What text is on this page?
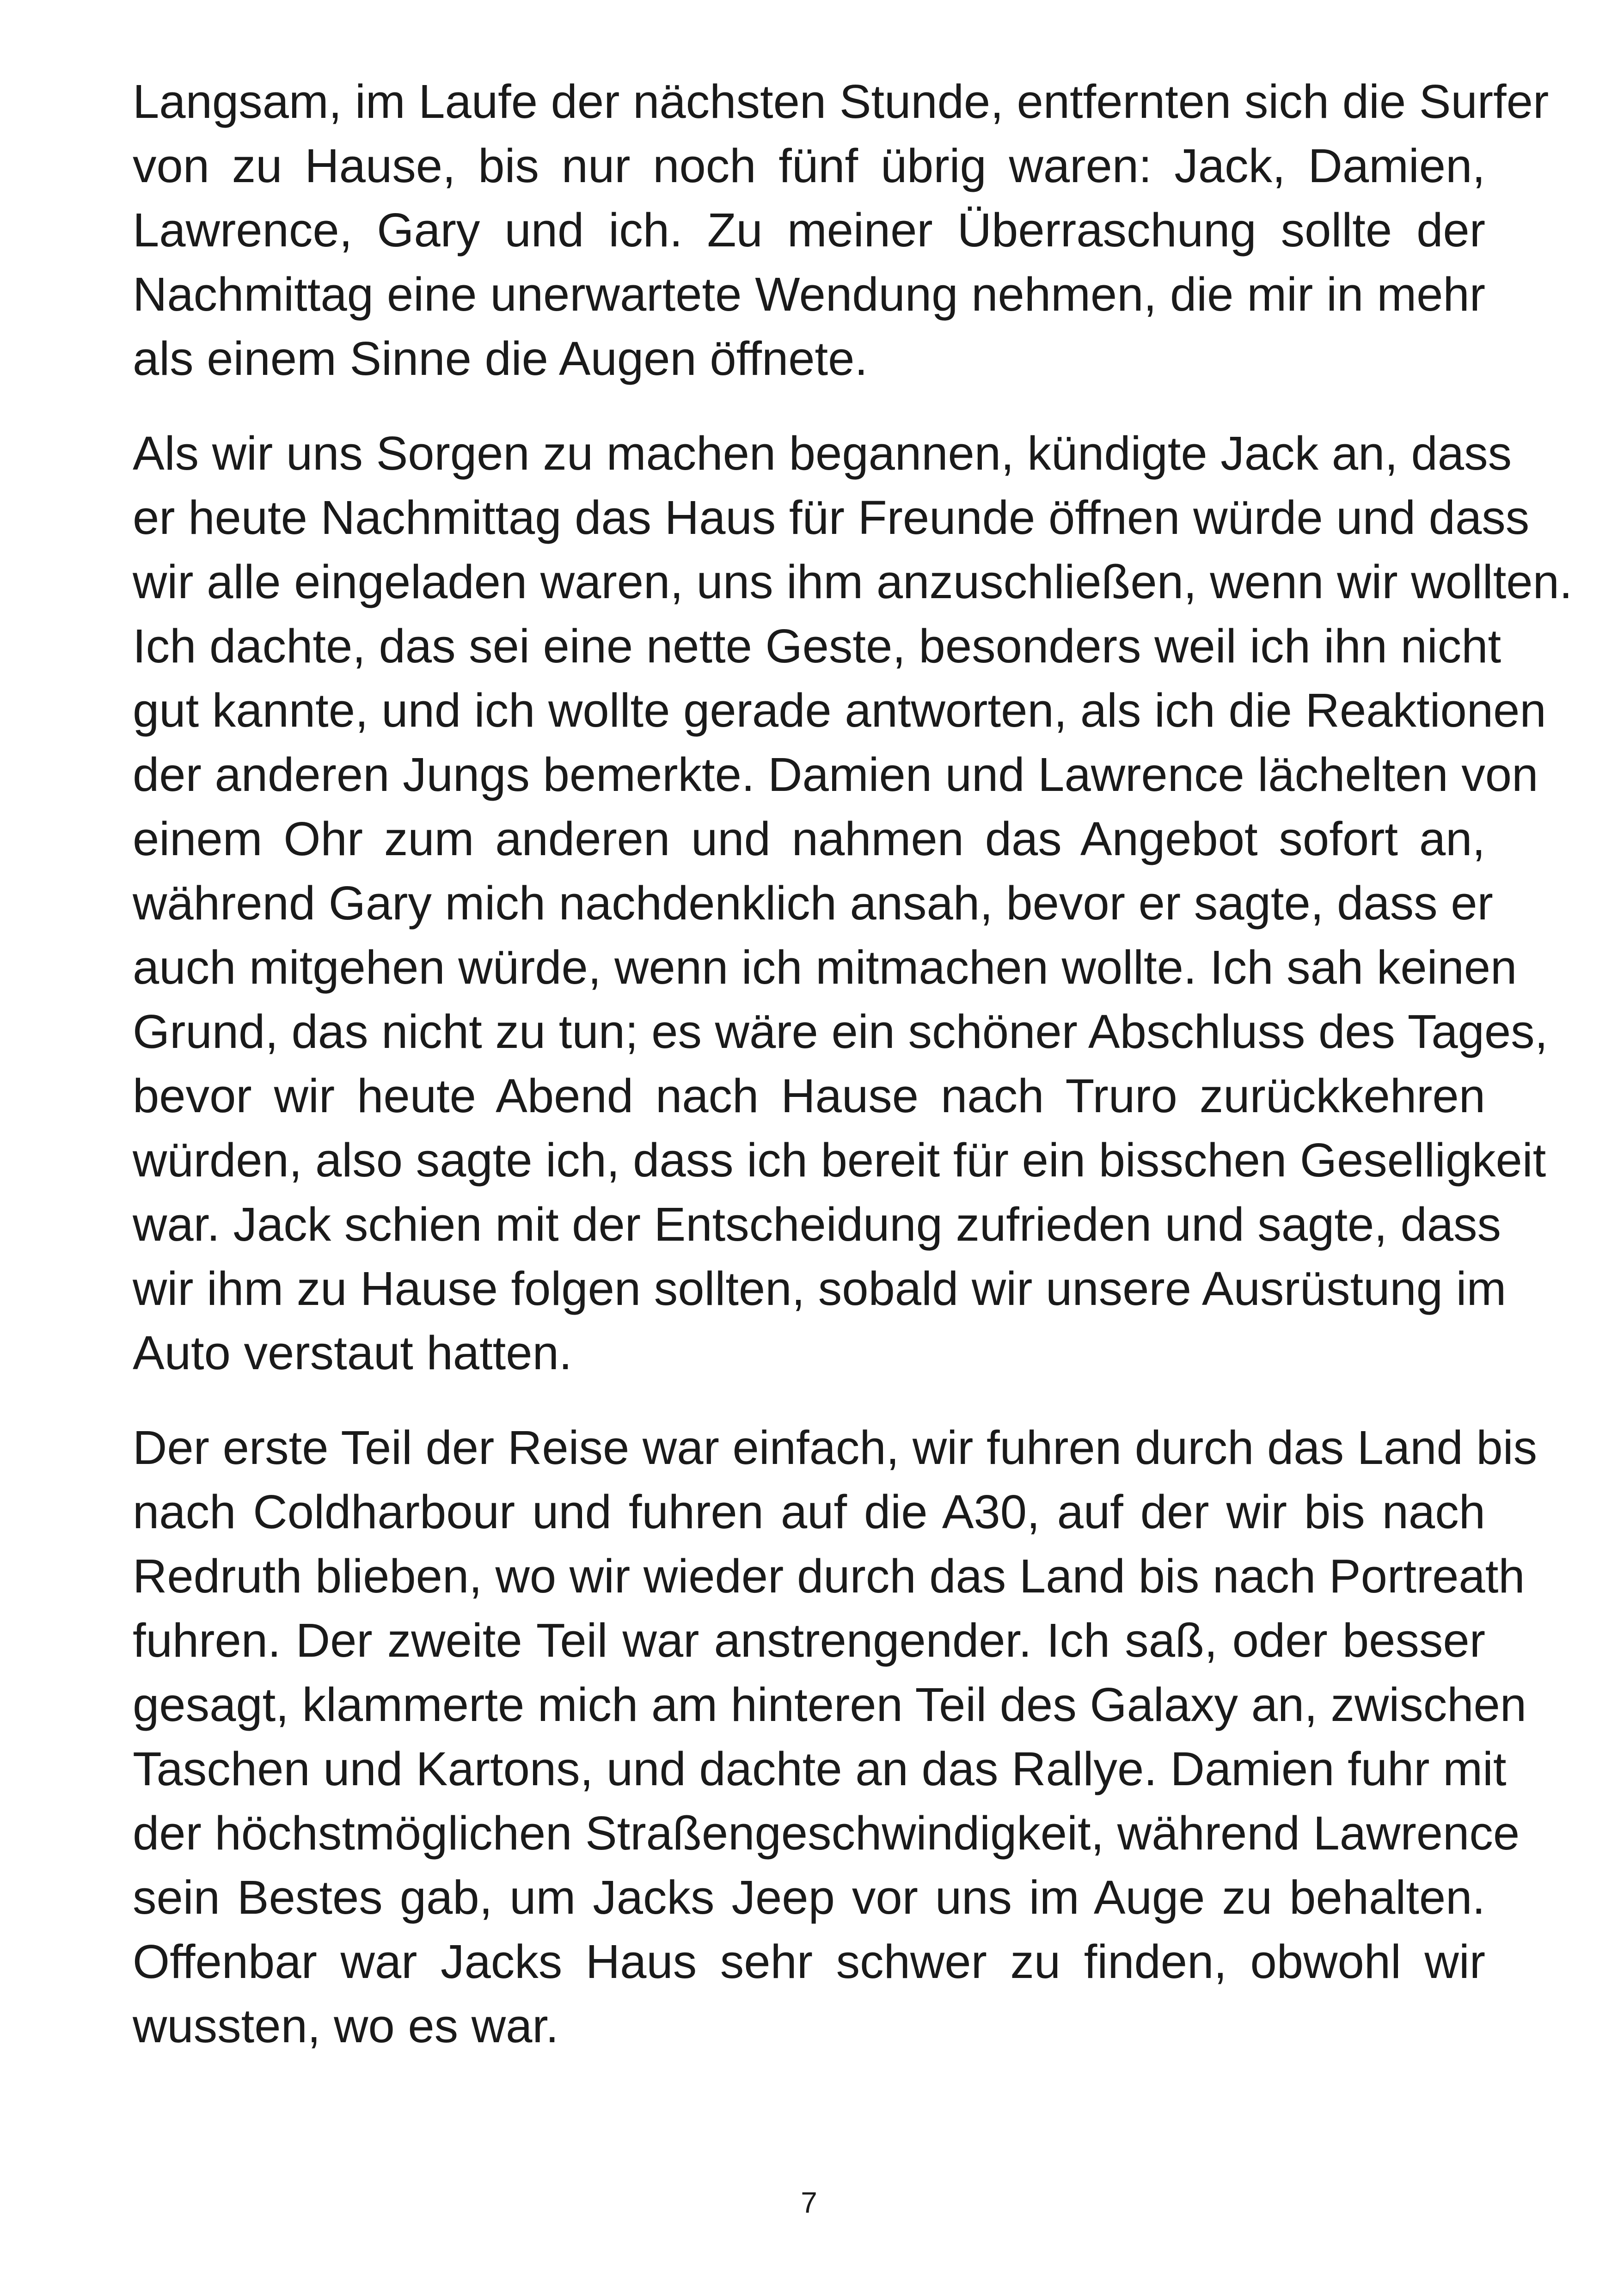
Langsam, im Laufe der nächsten Stunde, entfernten sich die Surfer
von zu Hause, bis nur noch fünf übrig waren: Jack, Damien,
Lawrence, Gary und ich. Zu meiner Überraschung sollte der
Nachmittag eine unerwartete Wendung nehmen, die mir in mehr
als einem Sinne die Augen öffnete.
Als wir uns Sorgen zu machen begannen, kündigte Jack an, dass
er heute Nachmittag das Haus für Freunde öffnen würde und dass
wir alle eingeladen waren, uns ihm anzuschließen, wenn wir wollten.
Ich dachte, das sei eine nette Geste, besonders weil ich ihn nicht
gut kannte, und ich wollte gerade antworten, als ich die Reaktionen
der anderen Jungs bemerkte. Damien und Lawrence lächelten von
einem Ohr zum anderen und nahmen das Angebot sofort an,
während Gary mich nachdenklich ansah, bevor er sagte, dass er
auch mitgehen würde, wenn ich mitmachen wollte. Ich sah keinen
Grund, das nicht zu tun; es wäre ein schöner Abschluss des Tages,
bevor wir heute Abend nach Hause nach Truro zurückkehren
würden, also sagte ich, dass ich bereit für ein bisschen Geselligkeit
war. Jack schien mit der Entscheidung zufrieden und sagte, dass
wir ihm zu Hause folgen sollten, sobald wir unsere Ausrüstung im
Auto verstaut hatten.
Der erste Teil der Reise war einfach, wir fuhren durch das Land bis
nach Coldharbour und fuhren auf die A30, auf der wir bis nach
Redruth blieben, wo wir wieder durch das Land bis nach Portreath
fuhren. Der zweite Teil war anstrengender. Ich saß, oder besser
gesagt, klammerte mich am hinteren Teil des Galaxy an, zwischen
Taschen und Kartons, und dachte an das Rallye. Damien fuhr mit
der höchstmöglichen Straßengeschwindigkeit, während Lawrence
sein Bestes gab, um Jacks Jeep vor uns im Auge zu behalten.
Offenbar war Jacks Haus sehr schwer zu finden, obwohl wir
wussten, wo es war.
7
